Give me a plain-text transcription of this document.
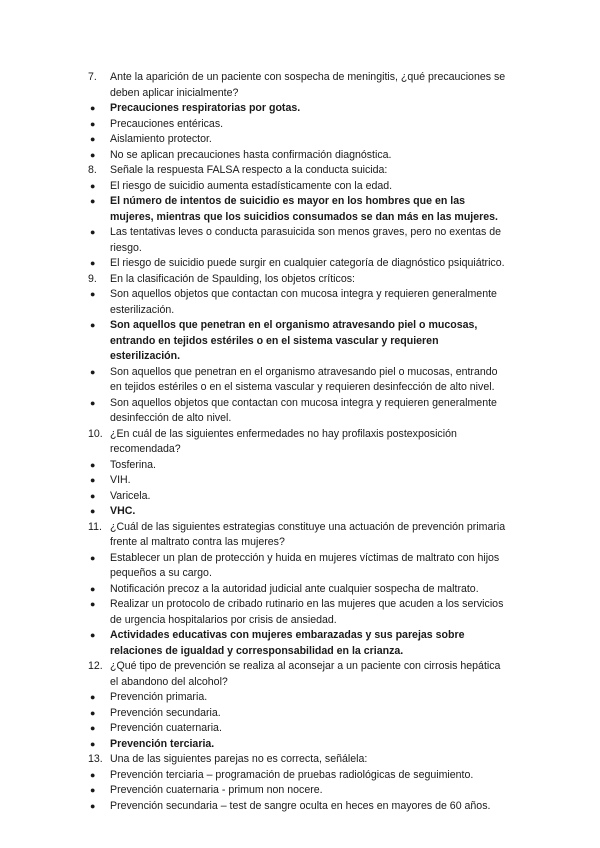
7.	Ante la aparición de un paciente con sospecha de meningitis, ¿qué precauciones se
deben aplicar inicialmente?
●	Precauciones respiratorias por gotas.
●	Precauciones entéricas.
●	Aislamiento protector.
●	No se aplican precauciones hasta confirmación diagnóstica.
8.	Señale la respuesta FALSA respecto a la conducta suicida:
●	El riesgo de suicidio aumenta estadísticamente con la edad.
●	El número de intentos de suicidio es mayor en los hombres que en las
mujeres, mientras que los suicidios consumados se dan más en las mujeres.
●	Las tentativas leves o conducta parasuicida son menos graves, pero no exentas de
riesgo.
●	El riesgo de suicidio puede surgir en cualquier categoría de diagnóstico psiquiátrico.
9.	En la clasificación de Spaulding, los objetos críticos:
●	Son aquellos objetos que contactan con mucosa integra y requieren generalmente
esterilización.
●	Son aquellos que penetran en el organismo atravesando piel o mucosas,
entrando en tejidos estériles o en el sistema vascular y requieren
esterilización.
●	Son aquellos que penetran en el organismo atravesando piel o mucosas, entrando
en tejidos estériles o en el sistema vascular y requieren desinfección de alto nivel.
●	Son aquellos objetos que contactan con mucosa integra y requieren generalmente
desinfección de alto nivel.
10. ¿En cuál de las siguientes enfermedades no hay profilaxis postexposición
recomendada?
●	Tosferina.
●	VIH.
●	Varicela.
●	VHC.
11. ¿Cuál de las siguientes estrategias constituye una actuación de prevención primaria
frente al maltrato contra las mujeres?
●	Establecer un plan de protección y huida en mujeres víctimas de maltrato con hijos
pequeños a su cargo.
●	Notificación precoz a la autoridad judicial ante cualquier sospecha de maltrato.
●	Realizar un protocolo de cribado rutinario en las mujeres que acuden a los servicios
de urgencia hospitalarios por crisis de ansiedad.
●	Actividades educativas con mujeres embarazadas y sus parejas sobre
relaciones de igualdad y corresponsabilidad en la crianza.
12. ¿Qué tipo de prevención se realiza al aconsejar a un paciente con cirrosis hepática
el abandono del alcohol?
●	Prevención primaria.
●	Prevención secundaria.
●	Prevención cuaternaria.
●	Prevención terciaria.
13. Una de las siguientes parejas no es correcta, señálela:
●	Prevención terciaria – programación de pruebas radiológicas de seguimiento.
●	Prevención cuaternaria - primum non nocere.
●	Prevención secundaria – test de sangre oculta en heces en mayores de 60 años.
